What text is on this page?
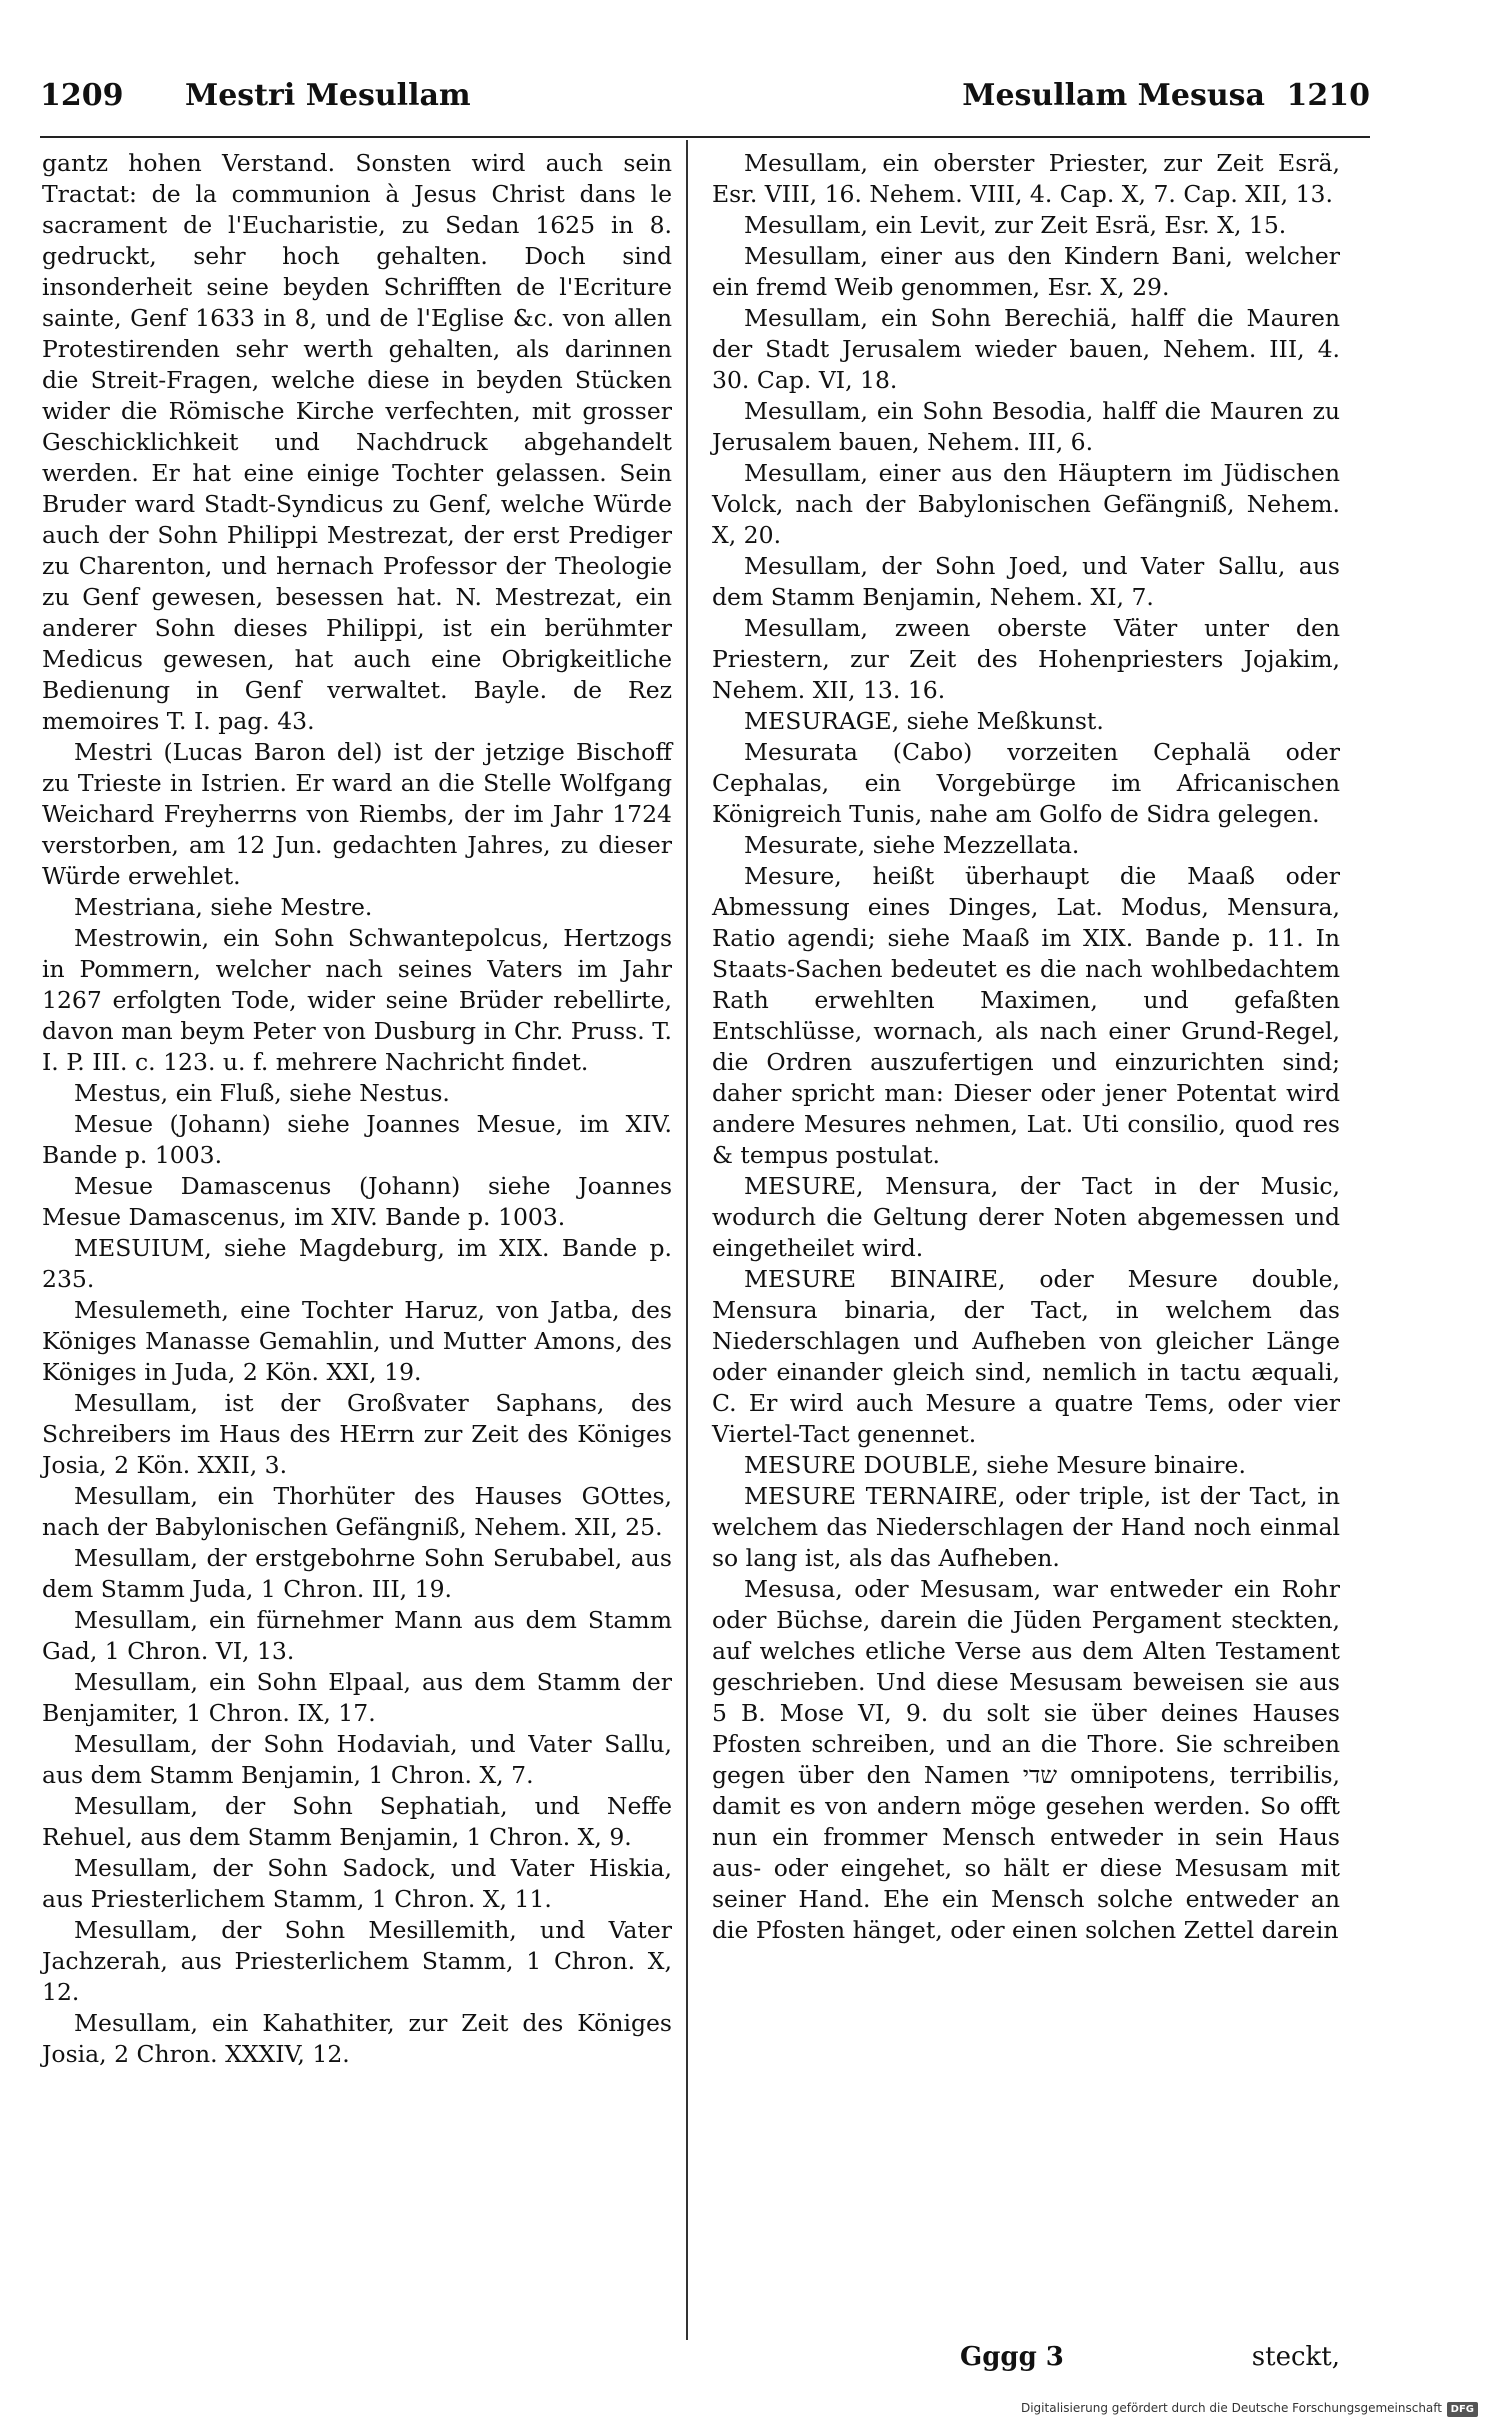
1209 Mestri Mesullam	Mesullam Mesusa 1210

gantz hohen Verstand. Sonsten wird auch sein Tractat: de la communion à Jesus Christ dans le sacrament de l'Eucharistie, zu Sedan 1625 in 8. gedruckt, sehr hoch gehalten. Doch sind insonderheit seine beyden Schrifften de l'Ecriture sainte, Genf 1633 in 8, und de l'Eglise &c. von allen Protestirenden sehr werth gehalten, als darinnen die Streit-Fragen, welche diese in beyden Stücken wider die Römische Kirche verfechten, mit grosser Geschicklichkeit und Nachdruck abgehandelt werden. Er hat eine einige Tochter gelassen. Sein Bruder ward Stadt-Syndicus zu Genf, welche Würde auch der Sohn Philippi Mestrezat, der erst Prediger zu Charenton, und hernach Professor der Theologie zu Genf gewesen, besessen hat. N. Mestrezat, ein anderer Sohn dieses Philippi, ist ein berühmter Medicus gewesen, hat auch eine Obrigkeitliche Bedienung in Genf verwaltet. Bayle. de Rez memoires T. I. pag. 43.

Mestri (Lucas Baron del) ist der jetzige Bischoff zu Trieste in Istrien. Er ward an die Stelle Wolfgang Weichard Freyherrns von Riembs, der im Jahr 1724 verstorben, am 12 Jun. gedachten Jahres, zu dieser Würde erwehlet.

Mestriana, siehe Mestre.

Mestrowin, ein Sohn Schwantepolcus, Hertzogs in Pommern, welcher nach seines Vaters im Jahr 1267 erfolgten Tode, wider seine Brüder rebellirte, davon man beym Peter von Dusburg in Chr. Pruss. T. I. P. III. c. 123. u. f. mehrere Nachricht findet.

Mestus, ein Fluß, siehe Nestus.

Mesue (Johann) siehe Joannes Mesue, im XIV. Bande p. 1003.

Mesue Damascenus (Johann) siehe Joannes Mesue Damascenus, im XIV. Bande p. 1003.

MESUIUM, siehe Magdeburg, im XIX. Bande p. 235.

Mesulemeth, eine Tochter Haruz, von Jatba, des Königes Manasse Gemahlin, und Mutter Amons, des Königes in Juda, 2 Kön. XXI, 19.

Mesullam, ist der Großvater Saphans, des Schreibers im Haus des HErrn zur Zeit des Königes Josia, 2 Kön. XXII, 3.

Mesullam, ein Thorhüter des Hauses GOttes, nach der Babylonischen Gefängniß, Nehem. XII, 25.

Mesullam, der erstgebohrne Sohn Serubabel, aus dem Stamm Juda, 1 Chron. III, 19.

Mesullam, ein fürnehmer Mann aus dem Stamm Gad, 1 Chron. VI, 13.

Mesullam, ein Sohn Elpaal, aus dem Stamm der Benjamiter, 1 Chron. IX, 17.

Mesullam, der Sohn Hodaviah, und Vater Sallu, aus dem Stamm Benjamin, 1 Chron. X, 7.

Mesullam, der Sohn Sephatiah, und Neffe Rehuel, aus dem Stamm Benjamin, 1 Chron. X, 9.

Mesullam, der Sohn Sadock, und Vater Hiskia, aus Priesterlichem Stamm, 1 Chron. X, 11.

Mesullam, der Sohn Mesillemith, und Vater Jachzerah, aus Priesterlichem Stamm, 1 Chron. X, 12.

Mesullam, ein Kahathiter, zur Zeit des Königes Josia, 2 Chron. XXXIV, 12.

Mesullam, ein oberster Priester, zur Zeit Esrä, Esr. VIII, 16. Nehem. VIII, 4. Cap. X, 7. Cap. XII, 13.

Mesullam, ein Levit, zur Zeit Esrä, Esr. X, 15.

Mesullam, einer aus den Kindern Bani, welcher ein fremd Weib genommen, Esr. X, 29.

Mesullam, ein Sohn Berechiä, halff die Mauren der Stadt Jerusalem wieder bauen, Nehem. III, 4. 30. Cap. VI, 18.

Mesullam, ein Sohn Besodia, halff die Mauren zu Jerusalem bauen, Nehem. III, 6.

Mesullam, einer aus den Häuptern im Jüdischen Volck, nach der Babylonischen Gefängniß, Nehem. X, 20.

Mesullam, der Sohn Joed, und Vater Sallu, aus dem Stamm Benjamin, Nehem. XI, 7.

Mesullam, zween oberste Väter unter den Priestern, zur Zeit des Hohenpriesters Jojakim, Nehem. XII, 13. 16.

MESURAGE, siehe Meßkunst.

Mesurata (Cabo) vorzeiten Cephalä oder Cephalas, ein Vorgebürge im Africanischen Königreich Tunis, nahe am Golfo de Sidra gelegen.

Mesurate, siehe Mezzellata.

Mesure, heißt überhaupt die Maaß oder Abmessung eines Dinges, Lat. Modus, Mensura, Ratio agendi; siehe Maaß im XIX. Bande p. 11. In Staats-Sachen bedeutet es die nach wohlbedachtem Rath erwehlten Maximen, und gefaßten Entschlüsse, wornach, als nach einer Grund-Regel, die Ordren auszufertigen und einzurichten sind; daher spricht man: Dieser oder jener Potentat wird andere Mesures nehmen, Lat. Uti consilio, quod res & tempus postulat.

MESURE, Mensura, der Tact in der Music, wodurch die Geltung derer Noten abgemessen und eingetheilet wird.

MESURE BINAIRE, oder Mesure double, Mensura binaria, der Tact, in welchem das Niederschlagen und Aufheben von gleicher Länge oder einander gleich sind, nemlich in tactu æquali, C. Er wird auch Mesure a quatre Tems, oder vier Viertel-Tact genennet.

MESURE DOUBLE, siehe Mesure binaire.

MESURE TERNAIRE, oder triple, ist der Tact, in welchem das Niederschlagen der Hand noch einmal so lang ist, als das Aufheben.

Mesusa, oder Mesusam, war entweder ein Rohr oder Büchse, darein die Jüden Pergament steckten, auf welches etliche Verse aus dem Alten Testament geschrieben. Und diese Mesusam beweisen sie aus 5 B. Mose VI, 9. du solt sie über deines Hauses Pfosten schreiben, und an die Thore. Sie schreiben gegen über den Namen שדי omnipotens, terribilis, damit es von andern möge gesehen werden. So offt nun ein frommer Mensch entweder in sein Haus aus- oder eingehet, so hält er diese Mesusam mit seiner Hand. Ehe ein Mensch solche entweder an die Pfosten hänget, oder einen solchen Zettel darein

Gggg 3	steckt,
Digitalisierung gefördert durch die Deutsche Forschungsgemeinschaft DFG
